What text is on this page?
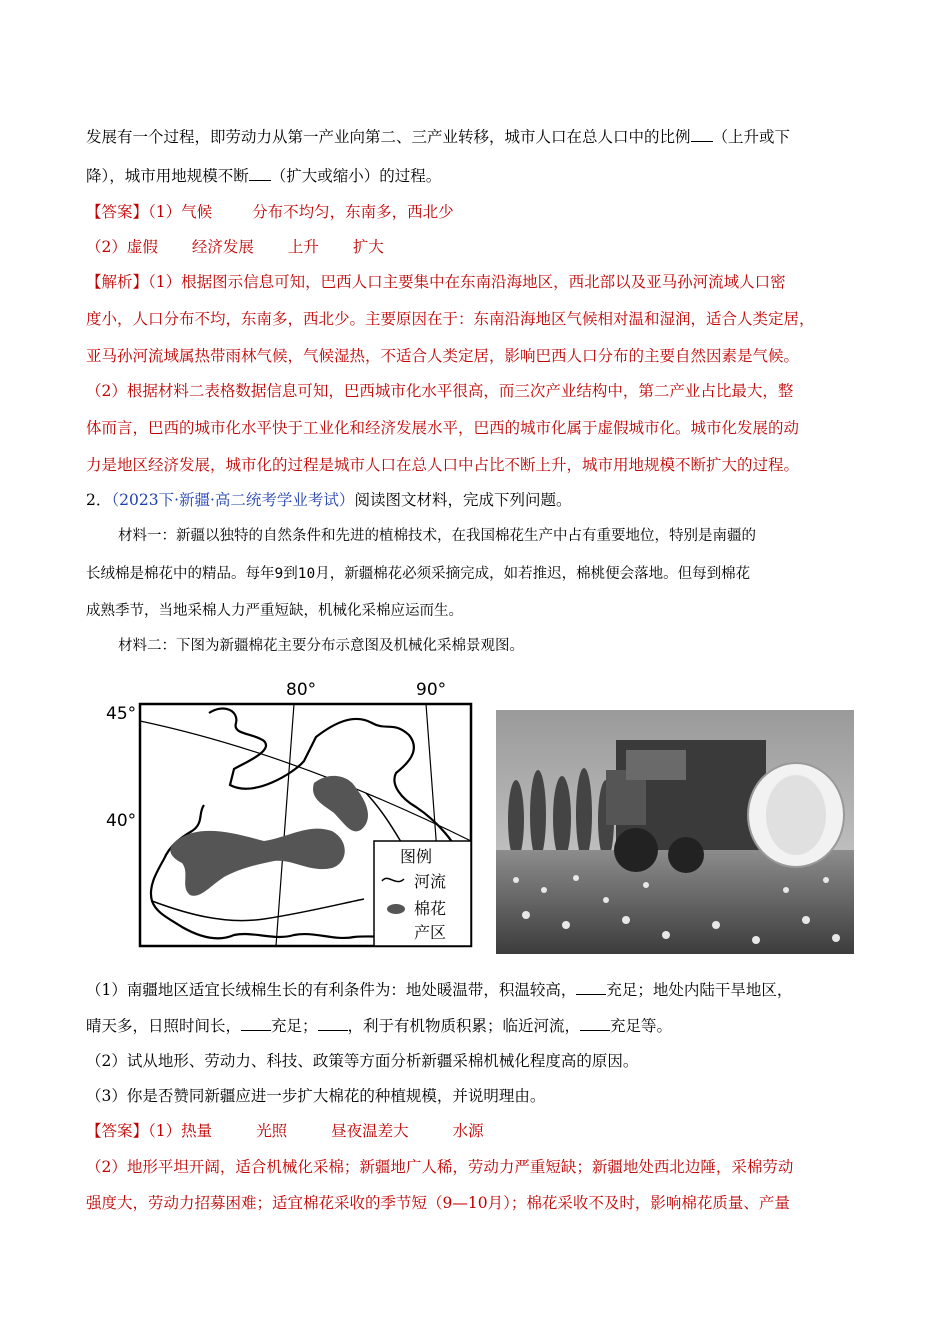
发展有一个过程，即劳动力从第一产业向第二、三产业转移，城市人口在总人口中的比例 （上升或下
降），城市用地规模不断 （扩大或缩小）的过程。
【答案】（1）气候	分布不均匀，东南多，西北少
（2）虚假 经济发展 上升 扩大
【解析】（1）根据图示信息可知，巴西人口主要集中在东南沿海地区，西北部以及亚马孙河流域人口密
度小，人口分布不均，东南多，西北少。主要原因在于：东南沿海地区气候相对温和湿润，适合人类定居，
亚马孙河流域属热带雨林气候，气候湿热，不适合人类定居，影响巴西人口分布的主要自然因素是气候。
（2）根据材料二表格数据信息可知，巴西城市化水平很高，而三次产业结构中，第二产业占比最大，整
体而言，巴西的城市化水平快于工业化和经济发展水平，巴西的城市化属于虚假城市化。城市化发展的动
力是地区经济发展，城市化的过程是城市人口在总人口中占比不断上升，城市用地规模不断扩大的过程。
2．（2023下·新疆·高二统考学业考试）阅读图文材料，完成下列问题。
材料一：新疆以独特的自然条件和先进的植棉技术，在我国棉花生产中占有重要地位，特别是南疆的
长绒棉是棉花中的精品。每年9到10月，新疆棉花必须采摘完成，如若推迟，棉桃便会落地。但每到棉花
成熟季节，当地采棉人力严重短缺，机械化采棉应运而生。
材料二：下图为新疆棉花主要分布示意图及机械化采棉景观图。
80°	90°
45°
40°
图例
河流
棉花
产区
（1）南疆地区适宜长绒棉生长的有利条件为：地处暖温带，积温较高， 充足；地处内陆干旱地区，
晴天多，日照时间长， 充足； ，利于有机物质积累；临近河流， 充足等。
（2）试从地形、劳动力、科技、政策等方面分析新疆采棉机械化程度高的原因。
（3）你是否赞同新疆应进一步扩大棉花的种植规模，并说明理由。
【答案】（1）热量	光照	昼夜温差大	水源
（2）地形平坦开阔，适合机械化采棉；新疆地广人稀，劳动力严重短缺；新疆地处西北边陲，采棉劳动
强度大，劳动力招募困难；适宜棉花采收的季节短（9—10月）；棉花采收不及时，影响棉花质量、产量
